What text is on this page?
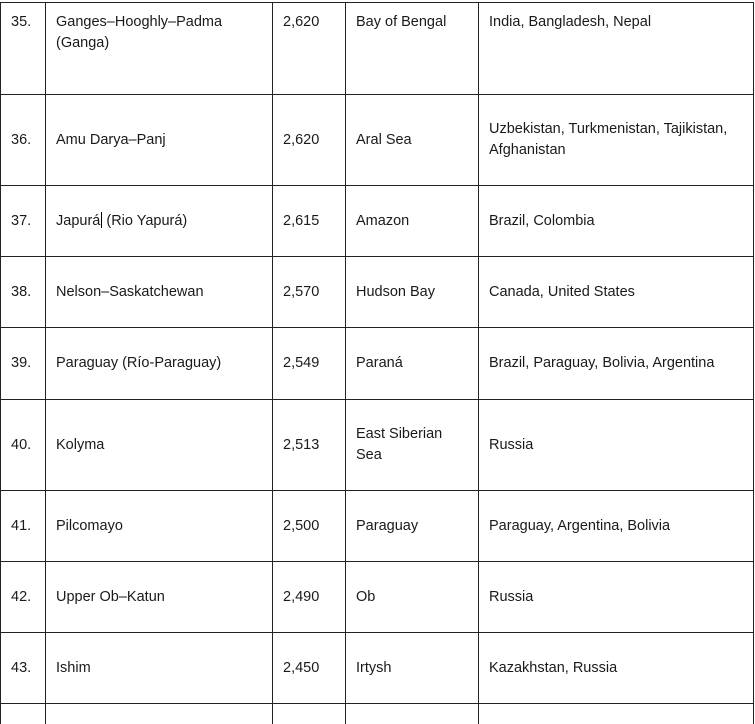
35.	Ganges–Hooghly–Padma (Ganga)	2,620	Bay of Bengal	India, Bangladesh, Nepal
36.	Amu Darya–Panj	2,620	Aral Sea	Uzbekistan, Turkmenistan, Tajikistan, Afghanistan
37.	Japurá (Rio Yapurá)	2,615	Amazon	Brazil, Colombia
38.	Nelson–Saskatchewan	2,570	Hudson Bay	Canada, United States
39.	Paraguay (Río-Paraguay)	2,549	Paraná	Brazil, Paraguay, Bolivia, Argentina
40.	Kolyma	2,513	East Siberian Sea	Russia
41.	Pilcomayo	2,500	Paraguay	Paraguay, Argentina, Bolivia
42.	Upper Ob–Katun	2,490	Ob	Russia
43.	Ishim	2,450	Irtysh	Kazakhstan, Russia
